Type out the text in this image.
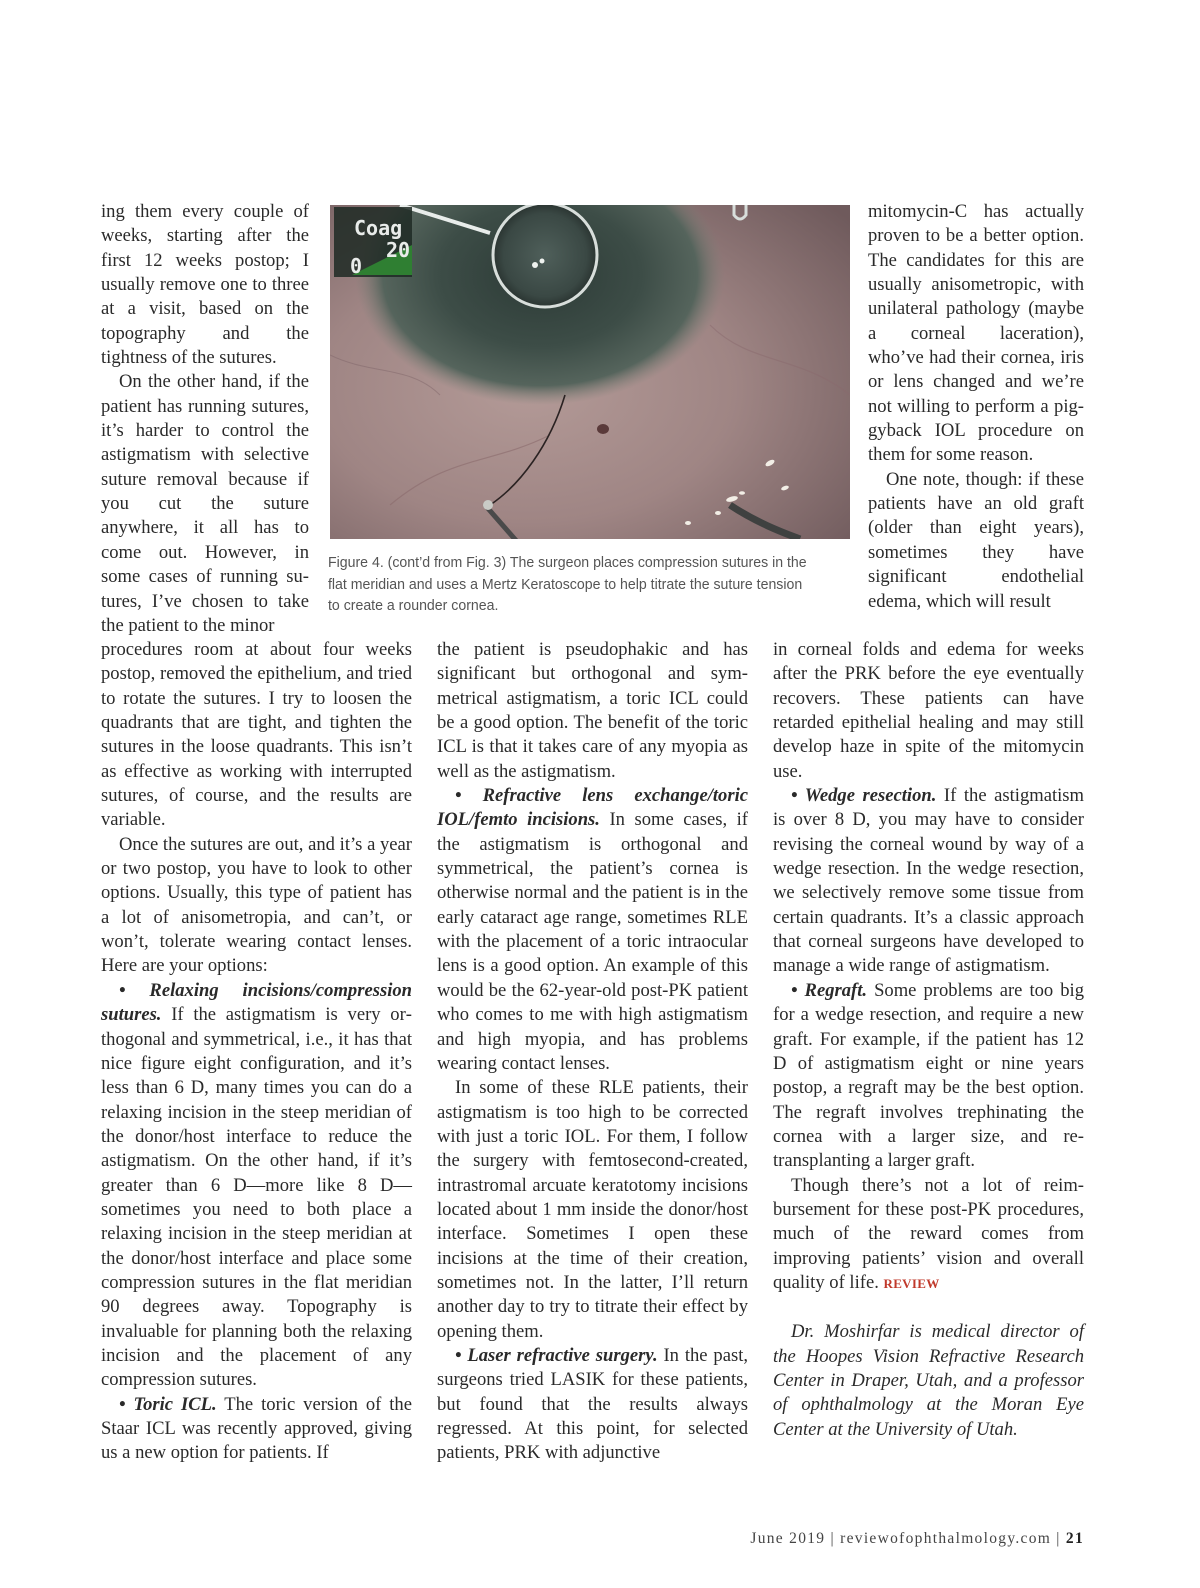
ing them every couple of weeks, starting after the first 12 weeks postop; I usually remove one to three at a visit, based on the topography and the tightness of the sutures.

On the other hand, if the patient has running sutures, it’s harder to control the astigmatism with selective suture removal because if you cut the suture anywhere, it all has to come out. However, in some cases of running sutures, I’ve chosen to take the patient to the minor

procedures room at about four weeks postop, removed the epithelium, and tried to rotate the sutures. I try to loosen the quadrants that are tight, and tighten the sutures in the loose quadrants. This isn’t as effective as working with interrupted sutures, of course, and the results are variable.

Once the sutures are out, and it’s a year or two postop, you have to look to other options. Usually, this type of patient has a lot of anisometropia, and can’t, or won’t, tolerate wearing contact lenses. Here are your options:

• Relaxing incisions/compression sutures. If the astigmatism is very orthogonal and symmetrical, i.e., it has that nice figure eight configuration, and it’s less than 6 D, many times you can do a relaxing incision in the steep meridian of the donor/host interface to reduce the astigmatism. On the other hand, if it’s greater than 6 D—more like 8 D—sometimes you need to both place a relaxing incision in the steep meridian at the donor/host interface and place some compression sutures in the flat meridian 90 degrees away. Topography is invaluable for planning both the relaxing incision and the placement of any compression sutures.

• Toric ICL. The toric version of the Staar ICL was recently approved, giving us a new option for patients. If

the patient is pseudophakic and has significant but orthogonal and symmetrical astigmatism, a toric ICL could be a good option. The benefit of the toric ICL is that it takes care of any myopia as well as the astigmatism.

• Refractive lens exchange/toric IOL/femto incisions. In some cases, if the astigmatism is orthogonal and symmetrical, the patient’s cornea is otherwise normal and the patient is in the early cataract age range, sometimes RLE with the placement of a toric intraocular lens is a good option. An example of this would be the 62-year-old post-PK patient who comes to me with high astigmatism and high myopia, and has problems wearing contact lenses.

In some of these RLE patients, their astigmatism is too high to be corrected with just a toric IOL. For them, I follow the surgery with femtosecond-created, intrastromal arcuate keratotomy incisions located about 1 mm inside the donor/host interface. Sometimes I open these incisions at the time of their creation, sometimes not. In the latter, I’ll return another day to try to titrate their effect by opening them.

• Laser refractive surgery. In the past, surgeons tried LASIK for these patients, but found that the results always regressed. At this point, for selected patients, PRK with adjunctive

mitomycin-C has actually proven to be a better option. The candidates for this are usually anisometropic, with unilateral pathology (maybe a corneal laceration), who’ve had their cornea, iris or lens changed and we’re not willing to perform a piggyback IOL procedure on them for some reason.

One note, though: if these patients have an old graft (older than eight years), sometimes they have significant endothelial edema, which will result

in corneal folds and edema for weeks after the PRK before the eye eventually recovers. These patients can have retarded epithelial healing and may still develop haze in spite of the mitomycin use.

• Wedge resection. If the astigmatism is over 8 D, you may have to consider revising the corneal wound by way of a wedge resection. In the wedge resection, we selectively remove some tissue from certain quadrants. It’s a classic approach that corneal surgeons have developed to manage a wide range of astigmatism.

• Regraft. Some problems are too big for a wedge resection, and require a new graft. For example, if the patient has 12 D of astigmatism eight or nine years postop, a regraft may be the best option. The regraft involves trephinating the cornea with a larger size, and re-transplanting a larger graft.

Though there’s not a lot of reimbursement for these post-PK procedures, much of the reward comes from improving patients’ vision and overall quality of life. REVIEW

Dr. Moshirfar is medical director of the Hoopes Vision Refractive Research Center in Draper, Utah, and a professor of ophthalmology at the Moran Eye Center at the University of Utah.

Coag
20
0
Figure 4. (cont’d from Fig. 3) The surgeon places compression sutures in the flat meridian and uses a Mertz Keratoscope to help titrate the suture tension to create a rounder cornea.
June 2019 | reviewofophthalmology.com | 21
